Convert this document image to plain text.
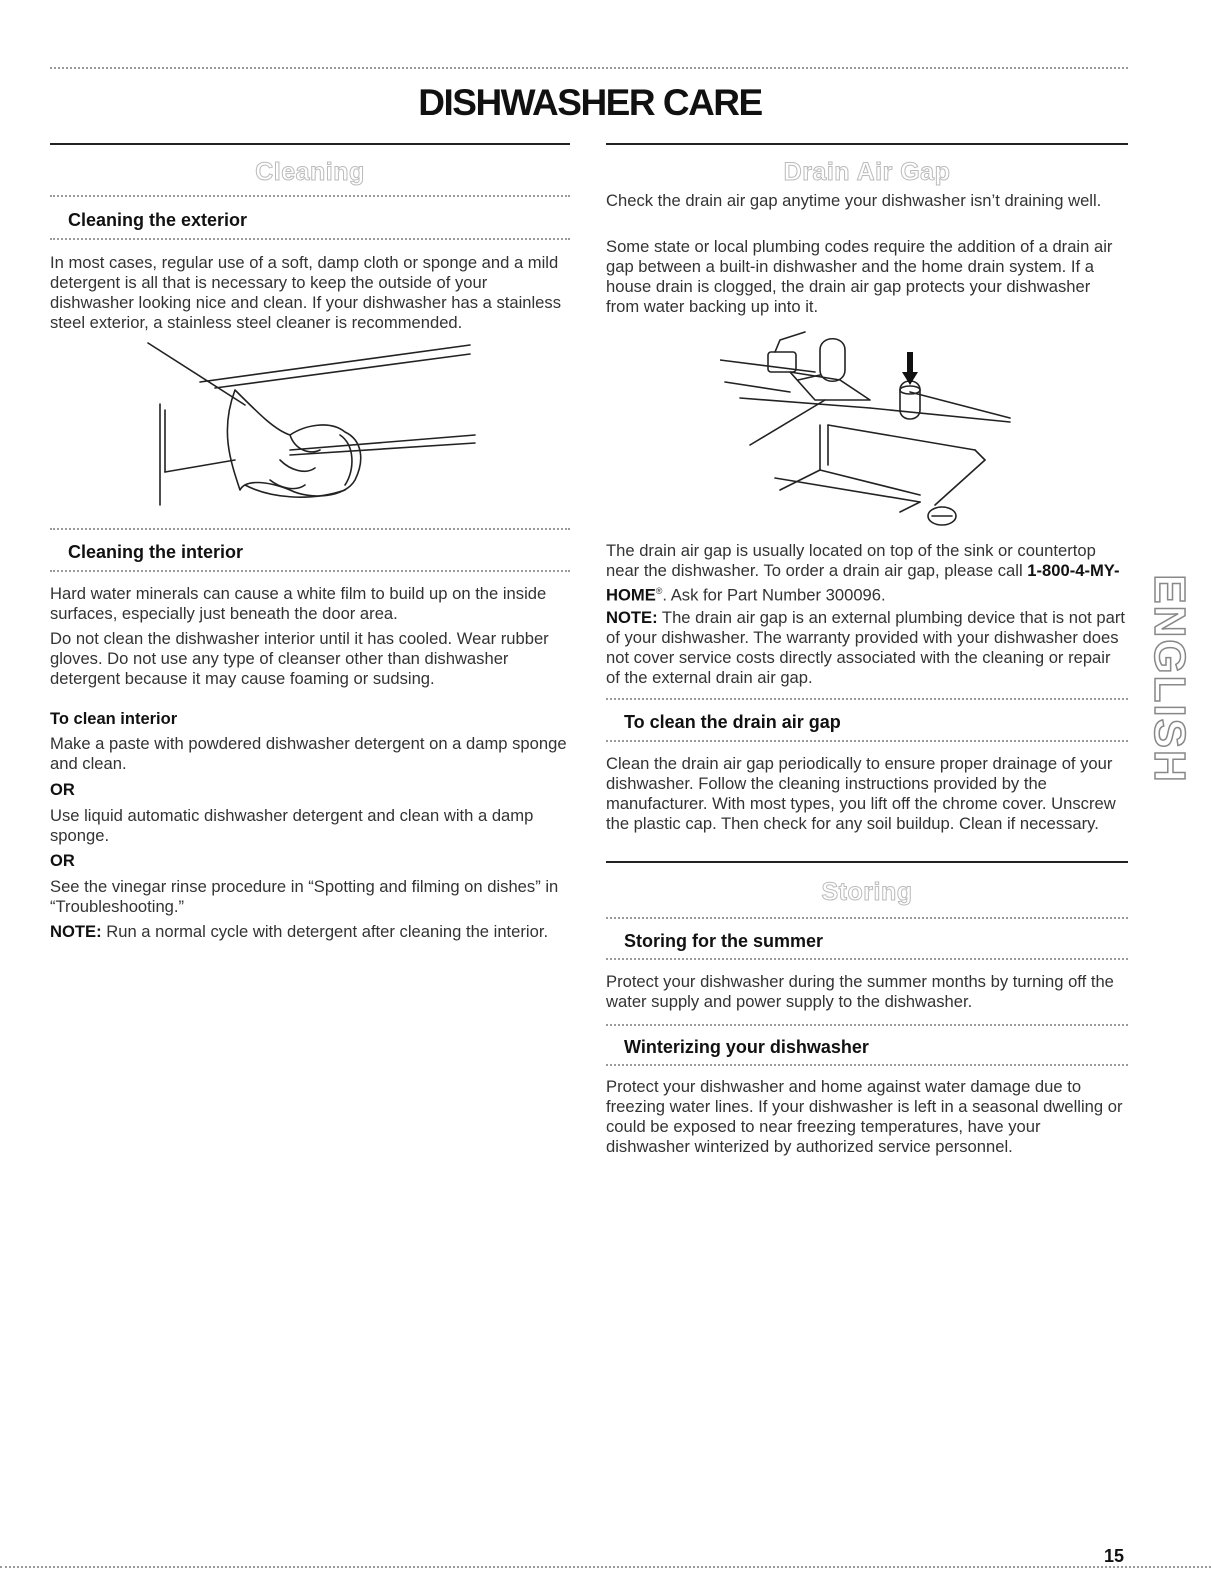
DISHWASHER CARE
Cleaning
Cleaning the exterior

In most cases, regular use of a soft, damp cloth or sponge and a mild detergent is all that is necessary to keep the outside of your dishwasher looking nice and clean. If your dishwasher has a stainless steel exterior, a stainless steel cleaner is recommended.

Cleaning the interior

Hard water minerals can cause a white film to build up on the inside surfaces, especially just beneath the door area.

Do not clean the dishwasher interior until it has cooled. Wear rubber gloves. Do not use any type of cleanser other than dishwasher detergent because it may cause foaming or sudsing.

To clean interior

Make a paste with powdered dishwasher detergent on a damp sponge and clean.

OR

Use liquid automatic dishwasher detergent and clean with a damp sponge.

OR

See the vinegar rinse procedure in “Spotting and filming on dishes” in “Troubleshooting.”

NOTE: Run a normal cycle with detergent after cleaning the interior.

Drain Air Gap

Check the drain air gap anytime your dishwasher isn’t draining well.

Some state or local plumbing codes require the addition of a drain air gap between a built-in dishwasher and the home drain system. If a house drain is clogged, the drain air gap protects your dishwasher from water backing up into it.

The drain air gap is usually located on top of the sink or countertop near the dishwasher. To order a drain air gap, please call 1-800-4-MY-HOME®. Ask for Part Number 300096.

NOTE: The drain air gap is an external plumbing device that is not part of your dishwasher. The warranty provided with your dishwasher does not cover service costs directly associated with the cleaning or repair of the external drain air gap.

To clean the drain air gap

Clean the drain air gap periodically to ensure proper drainage of your dishwasher. Follow the cleaning instructions provided by the manufacturer. With most types, you lift off the chrome cover. Unscrew the plastic cap. Then check for any soil buildup. Clean if necessary.

Storing
Storing for the summer

Protect your dishwasher during the summer months by turning off the water supply and power supply to the dishwasher.

Winterizing your dishwasher

Protect your dishwasher and home against water damage due to freezing water lines. If your dishwasher is left in a seasonal dwelling or could be exposed to near freezing temperatures, have your dishwasher winterized by authorized service personnel.

ENGLISH
15
